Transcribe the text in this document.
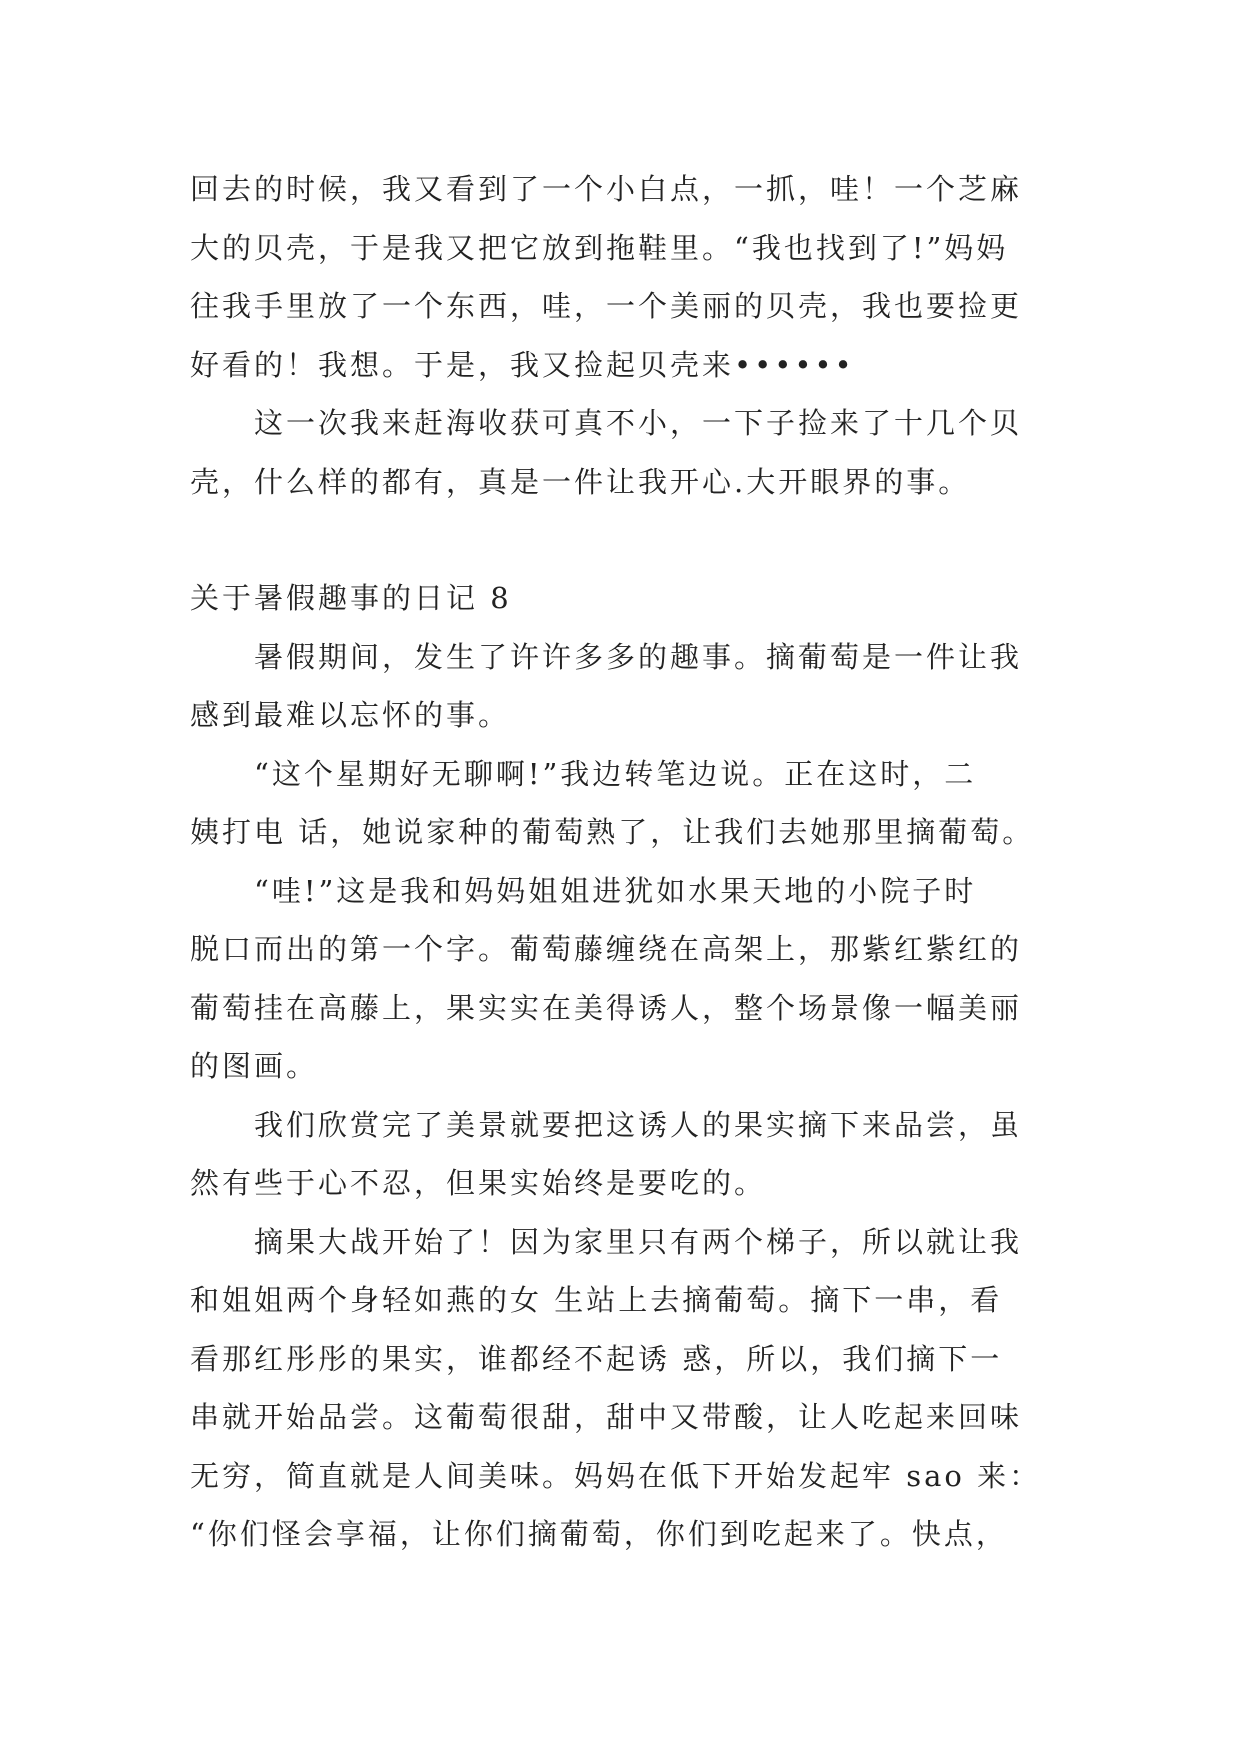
回去的时候，我又看到了一个小白点，一抓，哇！一个芝麻
大的贝壳，于是我又把它放到拖鞋里。“我也找到了!”妈妈
往我手里放了一个东西，哇，一个美丽的贝壳，我也要捡更
好看的！我想。于是，我又捡起贝壳来••••••
这一次我来赶海收获可真不小，一下子捡来了十几个贝
壳，什么样的都有，真是一件让我开心.大开眼界的事。
关于暑假趣事的日记 8
暑假期间，发生了许许多多的趣事。摘葡萄是一件让我
感到最难以忘怀的事。
“这个星期好无聊啊!”我边转笔边说。正在这时，二
姨打电 话，她说家种的葡萄熟了，让我们去她那里摘葡萄。
“哇!”这是我和妈妈姐姐进犹如水果天地的小院子时
脱口而出的第一个字。葡萄藤缠绕在高架上，那紫红紫红的
葡萄挂在高藤上，果实实在美得诱人，整个场景像一幅美丽
的图画。
我们欣赏完了美景就要把这诱人的果实摘下来品尝，虽
然有些于心不忍，但果实始终是要吃的。
摘果大战开始了！因为家里只有两个梯子，所以就让我
和姐姐两个身轻如燕的女 生站上去摘葡萄。摘下一串，看
看那红彤彤的果实，谁都经不起诱 惑，所以，我们摘下一
串就开始品尝。这葡萄很甜，甜中又带酸，让人吃起来回味
无穷，简直就是人间美味。妈妈在低下开始发起牢 sao 来：
“你们怪会享福，让你们摘葡萄，你们到吃起来了。快点，
